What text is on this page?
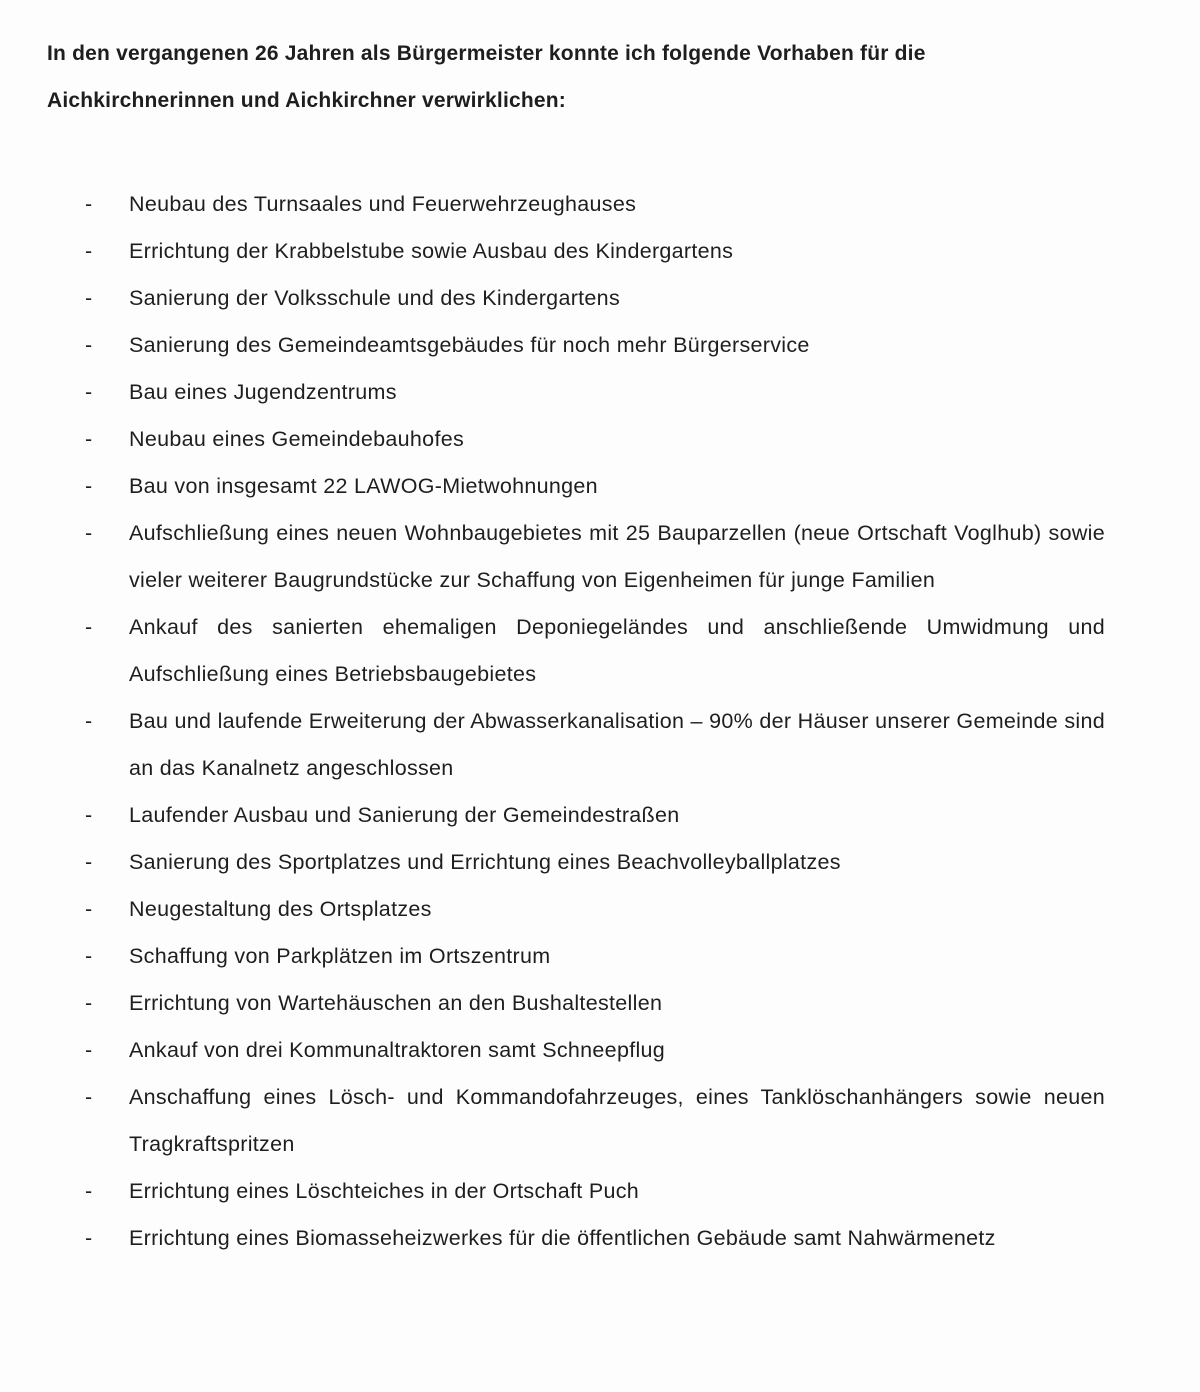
In den vergangenen 26 Jahren als Bürgermeister konnte ich folgende Vorhaben für die Aichkirchnerinnen und Aichkirchner verwirklichen:

-	Neubau des Turnsaales und Feuerwehrzeughauses
-	Errichtung der Krabbelstube sowie Ausbau des Kindergartens
-	Sanierung der Volksschule und des Kindergartens
-	Sanierung des Gemeindeamtsgebäudes für noch mehr Bürgerservice
-	Bau eines Jugendzentrums
-	Neubau eines Gemeindebauhofes
-	Bau von insgesamt 22 LAWOG-Mietwohnungen
-	Aufschließung eines neuen Wohnbaugebietes mit 25 Bauparzellen (neue Ortschaft Voglhub) sowie vieler weiterer Baugrundstücke zur Schaffung von Eigenheimen für junge Familien
-	Ankauf des sanierten ehemaligen Deponiegeländes und anschließende Umwidmung und Aufschließung eines Betriebsbaugebietes
-	Bau und laufende Erweiterung der Abwasserkanalisation – 90% der Häuser unserer Gemeinde sind an das Kanalnetz angeschlossen
-	Laufender Ausbau und Sanierung der Gemeindestraßen
-	Sanierung des Sportplatzes und Errichtung eines Beachvolleyballplatzes
-	Neugestaltung des Ortsplatzes
-	Schaffung von Parkplätzen im Ortszentrum
-	Errichtung von Wartehäuschen an den Bushaltestellen
-	Ankauf von drei Kommunaltraktoren samt Schneepflug
-	Anschaffung eines Lösch- und Kommandofahrzeuges, eines Tanklöschanhängers sowie neuen Tragkraftspritzen
-	Errichtung eines Löschteiches in der Ortschaft Puch
-	Errichtung eines Biomasseheizwerkes für die öffentlichen Gebäude samt Nahwärmenetz
